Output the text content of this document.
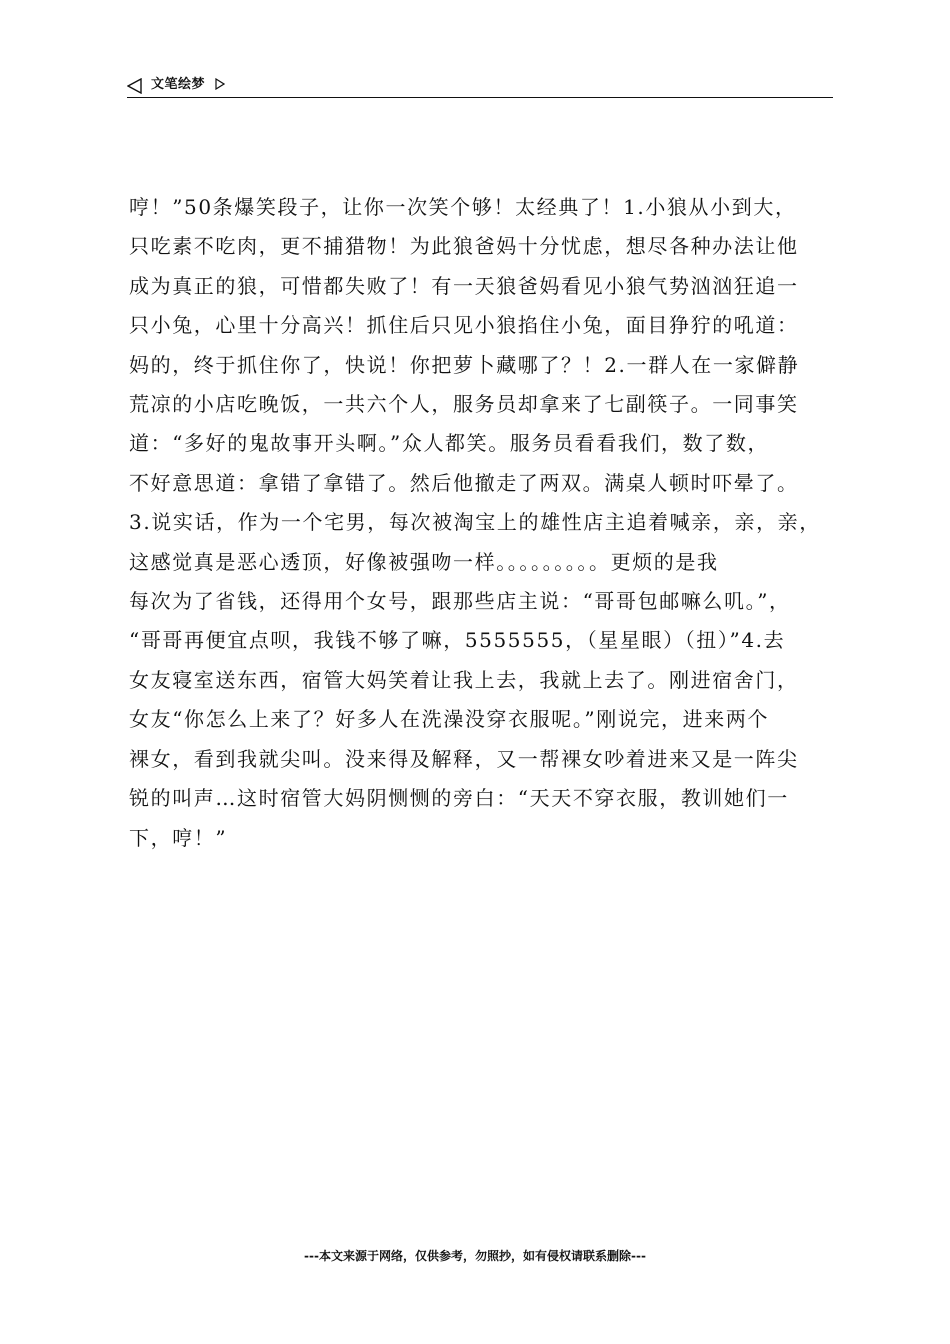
文笔绘梦

哼！”50条爆笑段子，让你一次笑个够！太经典了！1.小狼从小到大，
只吃素不吃肉，更不捕猎物！为此狼爸妈十分忧虑，想尽各种办法让他
成为真正的狼，可惜都失败了！有一天狼爸妈看见小狼气势汹汹狂追一
只小兔，心里十分高兴！抓住后只见小狼掐住小兔，面目狰狞的吼道：
妈的，终于抓住你了，快说！你把萝卜藏哪了？！2.一群人在一家僻静
荒凉的小店吃晚饭，一共六个人，服务员却拿来了七副筷子。一同事笑
道：“多好的鬼故事开头啊。”众人都笑。服务员看看我们，数了数，
不好意思道：拿错了拿错了。然后他撤走了两双。满桌人顿时吓晕了。
3.说实话，作为一个宅男，每次被淘宝上的雄性店主追着喊亲，亲，亲，
这感觉真是恶心透顶，好像被强吻一样。。。。。。。。。更烦的是我
每次为了省钱，还得用个女号，跟那些店主说：“哥哥包邮嘛么叽。”，
“哥哥再便宜点呗，我钱不够了嘛，5555555，（星星眼）（扭）”4.去
女友寝室送东西，宿管大妈笑着让我上去，我就上去了。刚进宿舍门，
女友“你怎么上来了？好多人在洗澡没穿衣服呢。”刚说完，进来两个
裸女，看到我就尖叫。没来得及解释，又一帮裸女吵着进来又是一阵尖
锐的叫声…这时宿管大妈阴恻恻的旁白：“天天不穿衣服，教训她们一
下，哼！”

---本文来源于网络，仅供参考，勿照抄，如有侵权请联系删除---
